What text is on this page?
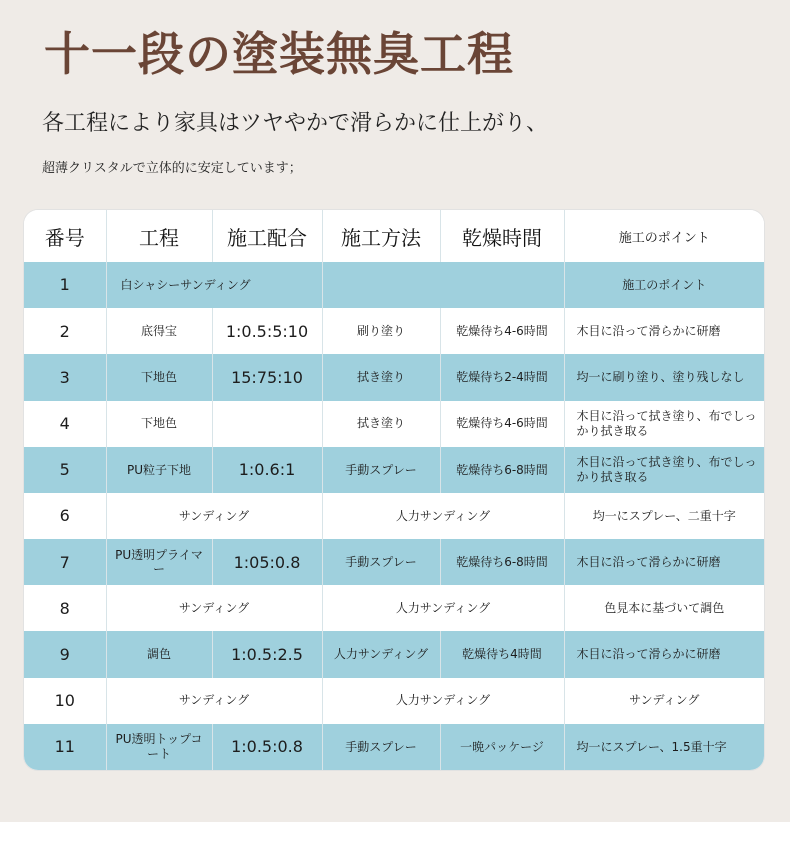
十一段の塗装無臭工程
各工程により家具はツヤやかで滑らかに仕上がり、
超薄クリスタルで立体的に安定しています；
番号	工程	施工配合	施工方法	乾燥時間	施工のポイント
1	白シャシーサンディング				施工のポイント
2	底得宝	1:0.5:5:10	刷り塗り	乾燥待ち4-6時間	木目に沿って滑らかに研磨
3	下地色	15:75:10	拭き塗り	乾燥待ち2-4時間	均一に刷り塗り、塗り残しなし
4	下地色		拭き塗り	乾燥待ち4-6時間	木目に沿って拭き塗り、布でしっかり拭き取る
5	PU粒子下地	1:0.6:1	手動スプレー	乾燥待ち6-8時間	木目に沿って拭き塗り、布でしっかり拭き取る
6	サンディング		人力サンディング		均一にスプレー、二重十字
7	PU透明プライマー	1:05:0.8	手動スプレー	乾燥待ち6-8時間	木目に沿って滑らかに研磨
8	サンディング		人力サンディング		色見本に基づいて調色
9	調色	1:0.5:2.5	人力サンディング	乾燥待ち4時間	木目に沿って滑らかに研磨
10	サンディング		人力サンディング		サンディング
11	PU透明トップコート	1:0.5:0.8	手動スプレー	一晩パッケージ	均一にスプレー、1.5重十字
